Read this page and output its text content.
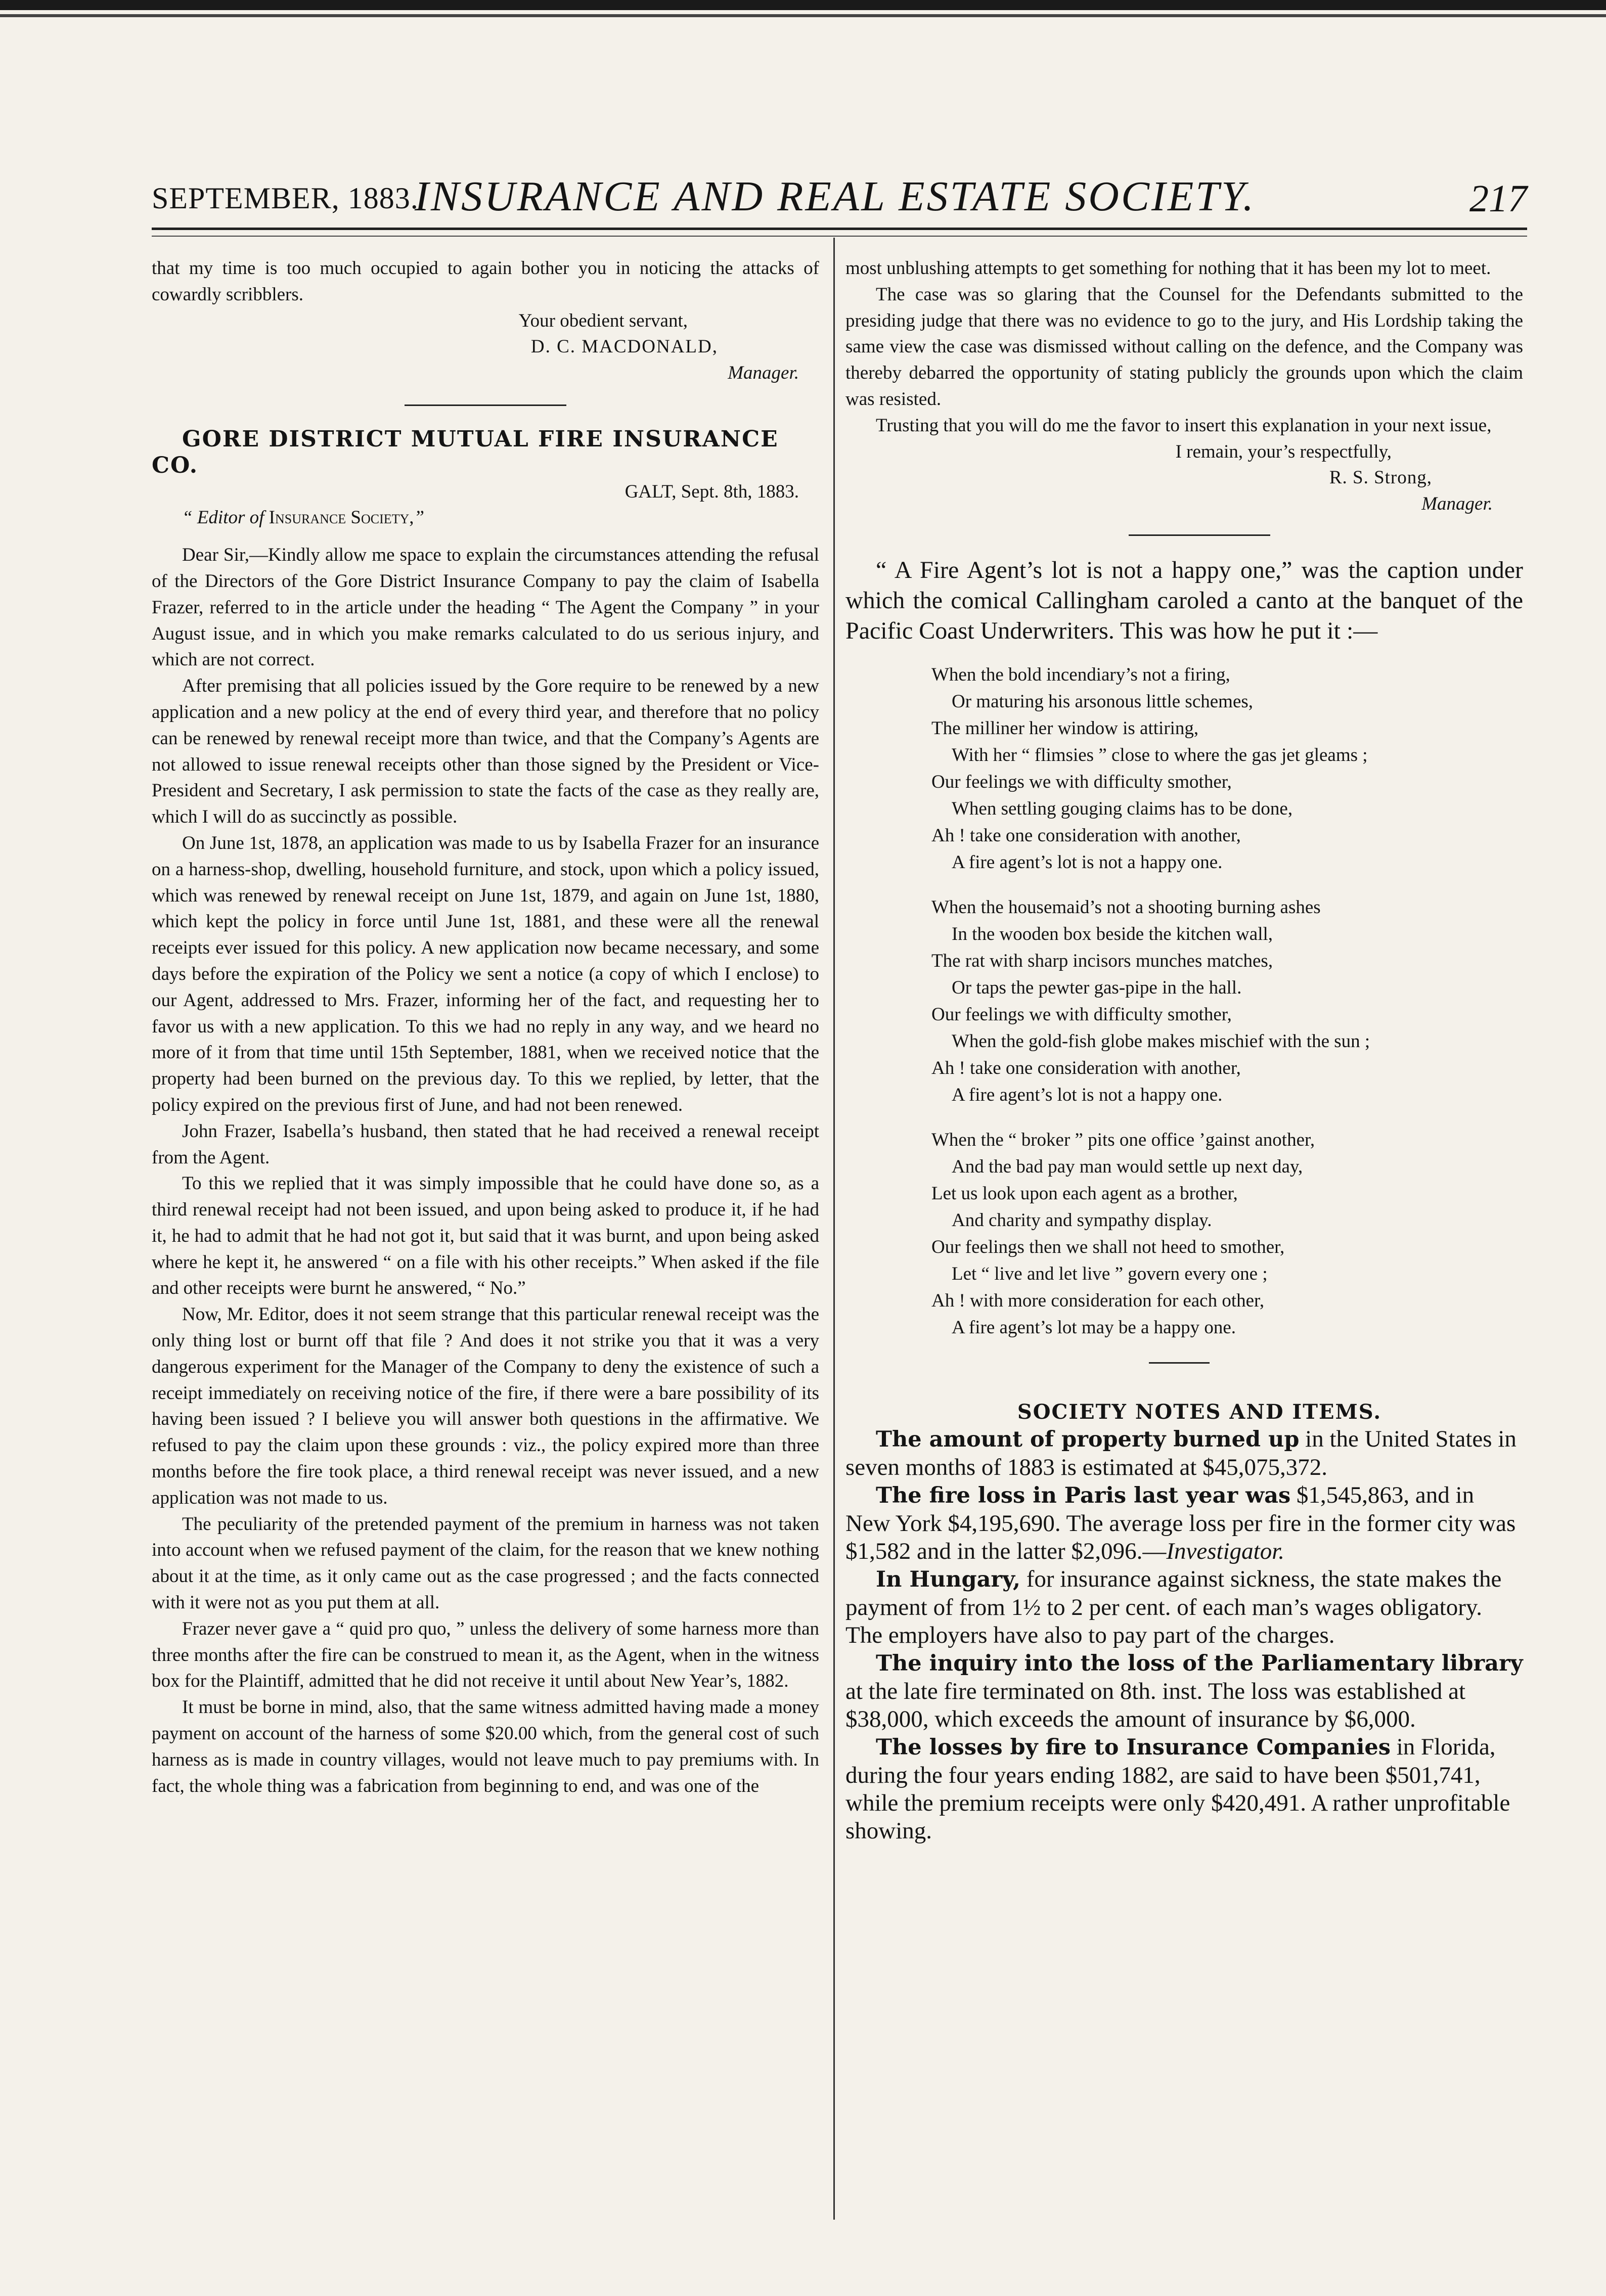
SEPTEMBER, 1883.
INSURANCE AND REAL ESTATE SOCIETY.	217

that my time is too much occupied to again bother you in noticing the attacks of cowardly scribblers.

Your obedient servant,

D. C. MACDONALD,

Manager.

GORE DISTRICT MUTUAL FIRE INSURANCE CO.

GALT, Sept. 8th, 1883.

“ Editor of Insurance Society,”

Dear Sir,—Kindly allow me space to explain the circumstances attending the refusal of the Directors of the Gore District Insurance Company to pay the claim of Isabella Frazer, referred to in the article under the heading “ The Agent the Company ” in your August issue, and in which you make remarks calculated to do us serious injury, and which are not correct.

After premising that all policies issued by the Gore require to be renewed by a new application and a new policy at the end of every third year, and therefore that no policy can be renewed by renewal receipt more than twice, and that the Company’s Agents are not allowed to issue renewal receipts other than those signed by the President or Vice-President and Secretary, I ask permission to state the facts of the case as they really are, which I will do as succinctly as possible.

On June 1st, 1878, an application was made to us by Isabella Frazer for an insurance on a harness-shop, dwelling, household furniture, and stock, upon which a policy issued, which was renewed by renewal receipt on June 1st, 1879, and again on June 1st, 1880, which kept the policy in force until June 1st, 1881, and these were all the renewal receipts ever issued for this policy. A new application now became necessary, and some days before the expiration of the Policy we sent a notice (a copy of which I enclose) to our Agent, addressed to Mrs. Frazer, informing her of the fact, and requesting her to favor us with a new application. To this we had no reply in any way, and we heard no more of it from that time until 15th September, 1881, when we received notice that the property had been burned on the previous day. To this we replied, by letter, that the policy expired on the previous first of June, and had not been renewed.

John Frazer, Isabella’s husband, then stated that he had received a renewal receipt from the Agent.

To this we replied that it was simply impossible that he could have done so, as a third renewal receipt had not been issued, and upon being asked to produce it, if he had it, he had to admit that he had not got it, but said that it was burnt, and upon being asked where he kept it, he answered “ on a file with his other receipts.” When asked if the file and other receipts were burnt he answered, “ No.”

Now, Mr. Editor, does it not seem strange that this particular renewal receipt was the only thing lost or burnt off that file ? And does it not strike you that it was a very dangerous experiment for the Manager of the Company to deny the existence of such a receipt immediately on receiving notice of the fire, if there were a bare possibility of its having been issued ? I believe you will answer both questions in the affirmative. We refused to pay the claim upon these grounds : viz., the policy expired more than three months before the fire took place, a third renewal receipt was never issued, and a new application was not made to us.

The peculiarity of the pretended payment of the premium in harness was not taken into account when we refused payment of the claim, for the reason that we knew nothing about it at the time, as it only came out as the case progressed ; and the facts connected with it were not as you put them at all.

Frazer never gave a “ quid pro quo, ” unless the delivery of some harness more than three months after the fire can be construed to mean it, as the Agent, when in the witness box for the Plaintiff, admitted that he did not receive it until about New Year’s, 1882.

It must be borne in mind, also, that the same witness admitted having made a money payment on account of the harness of some $20.00 which, from the general cost of such harness as is made in country villages, would not leave much to pay premiums with. In fact, the whole thing was a fabrication from beginning to end, and was one of the

most unblushing attempts to get something for nothing that it has been my lot to meet.

The case was so glaring that the Counsel for the Defendants submitted to the presiding judge that there was no evidence to go to the jury, and His Lordship taking the same view the case was dismissed without calling on the defence, and the Company was thereby debarred the opportunity of stating publicly the grounds upon which the claim was resisted.

Trusting that you will do me the favor to insert this explanation in your next issue,

I remain, your’s respectfully,

R. S. Strong,

Manager.

“ A Fire Agent’s lot is not a happy one,” was the caption under which the comical Callingham caroled a canto at the banquet of the Pacific Coast Underwriters. This was how he put it :—

When the bold incendiary’s not a firing,
Or maturing his arsonous little schemes,
The milliner her window is attiring,
With her “ flimsies ” close to where the gas jet gleams ;
Our feelings we with difficulty smother,
When settling gouging claims has to be done,
Ah ! take one consideration with another,
A fire agent’s lot is not a happy one.
When the housemaid’s not a shooting burning ashes
In the wooden box beside the kitchen wall,
The rat with sharp incisors munches matches,
Or taps the pewter gas-pipe in the hall.
Our feelings we with difficulty smother,
When the gold-fish globe makes mischief with the sun ;
Ah ! take one consideration with another,
A fire agent’s lot is not a happy one.
When the “ broker ” pits one office ’gainst another,
And the bad pay man would settle up next day,
Let us look upon each agent as a brother,
And charity and sympathy display.
Our feelings then we shall not heed to smother,
Let “ live and let live ” govern every one ;
Ah ! with more consideration for each other,
A fire agent’s lot may be a happy one.

SOCIETY NOTES AND ITEMS.

The amount of property burned up in the United States in seven months of 1883 is estimated at $45,075,372.

The fire loss in Paris last year was $1,545,863, and in New York $4,195,690. The average loss per fire in the former city was $1,582 and in the latter $2,096.—Investigator.

In Hungary, for insurance against sickness, the state makes the payment of from 1½ to 2 per cent. of each man’s wages obligatory. The employers have also to pay part of the charges.

The inquiry into the loss of the Parliamentary library at the late fire terminated on 8th. inst. The loss was established at $38,000, which exceeds the amount of insurance by $6,000.

The losses by fire to Insurance Companies in Florida, during the four years ending 1882, are said to have been $501,741, while the premium receipts were only $420,491. A rather unprofitable showing.
